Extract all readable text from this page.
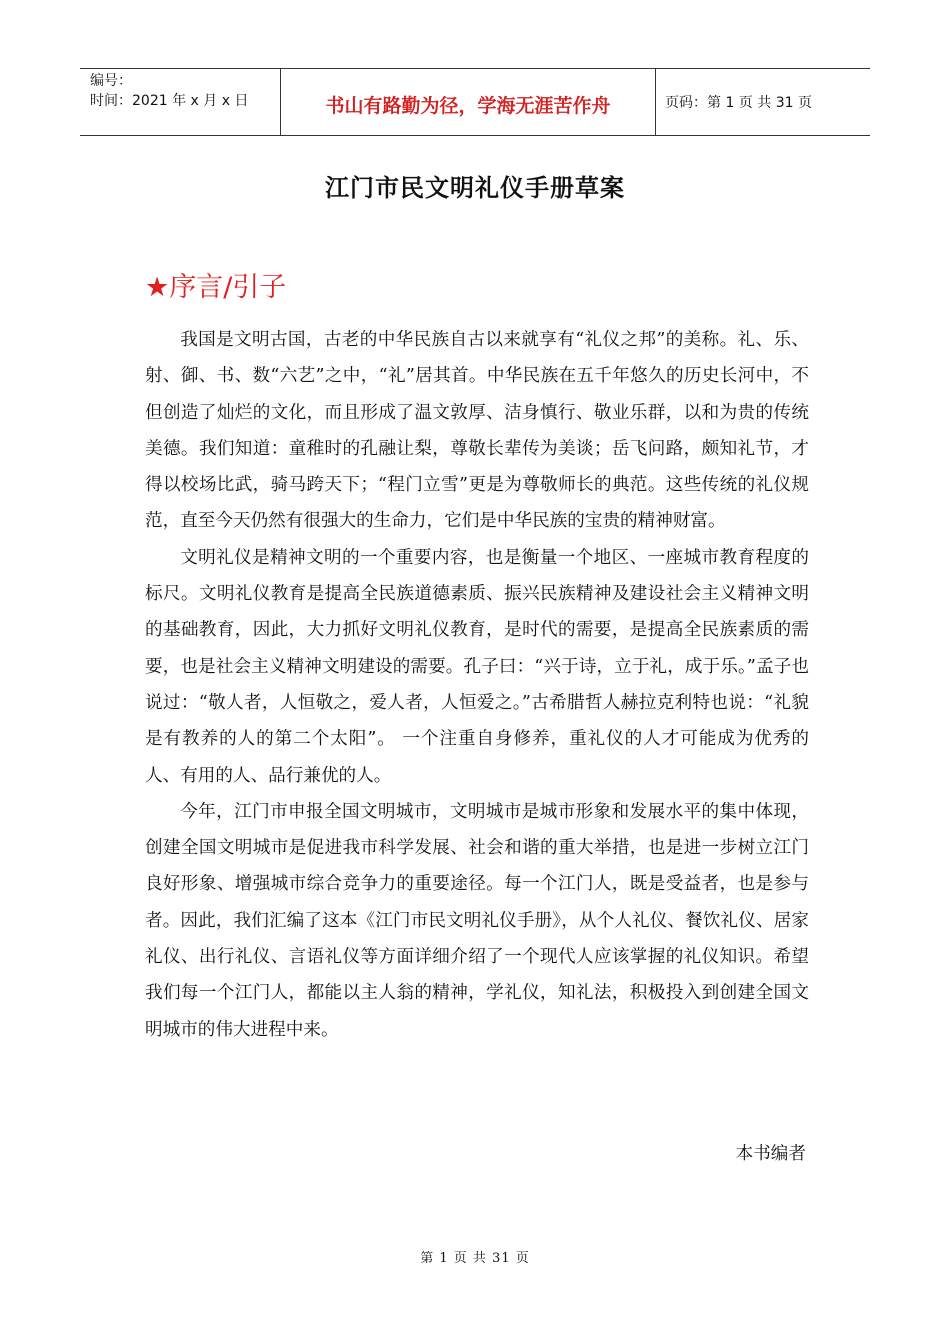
编号：
时间：2021 年 x 月 x 日	书山有路勤为径，学海无涯苦作舟	页码：第 1 页 共 31 页
江门市民文明礼仪手册草案
★序言/引子

我国是文明古国，古老的中华民族自古以来就享有“礼仪之邦”的美称。礼、乐、射、御、书、数“六艺”之中，“礼”居其首。中华民族在五千年悠久的历史长河中，不但创造了灿烂的文化，而且形成了温文敦厚、洁身慎行、敬业乐群，以和为贵的传统美德。我们知道：童稚时的孔融让梨，尊敬长辈传为美谈；岳飞问路，颇知礼节，才得以校场比武，骑马跨天下；“程门立雪”更是为尊敬师长的典范。这些传统的礼仪规范，直至今天仍然有很强大的生命力，它们是中华民族的宝贵的精神财富。

文明礼仪是精神文明的一个重要内容，也是衡量一个地区、一座城市教育程度的标尺。文明礼仪教育是提高全民族道德素质、振兴民族精神及建设社会主义精神文明的基础教育，因此，大力抓好文明礼仪教育，是时代的需要，是提高全民族素质的需要，也是社会主义精神文明建设的需要。孔子曰：“兴于诗，立于礼，成于乐。”孟子也说过：“敬人者，人恒敬之，爱人者，人恒爱之。”古希腊哲人赫拉克利特也说：“礼貌是有教养的人的第二个太阳”。 一个注重自身修养，重礼仪的人才可能成为优秀的人、有用的人、品行兼优的人。

今年，江门市申报全国文明城市，文明城市是城市形象和发展水平的集中体现，创建全国文明城市是促进我市科学发展、社会和谐的重大举措，也是进一步树立江门良好形象、增强城市综合竞争力的重要途径。每一个江门人，既是受益者，也是参与者。因此，我们汇编了这本《江门市民文明礼仪手册》，从个人礼仪、餐饮礼仪、居家礼仪、出行礼仪、言语礼仪等方面详细介绍了一个现代人应该掌握的礼仪知识。希望我们每一个江门人，都能以主人翁的精神，学礼仪，知礼法，积极投入到创建全国文明城市的伟大进程中来。

本书编者
第 1 页 共 31 页
